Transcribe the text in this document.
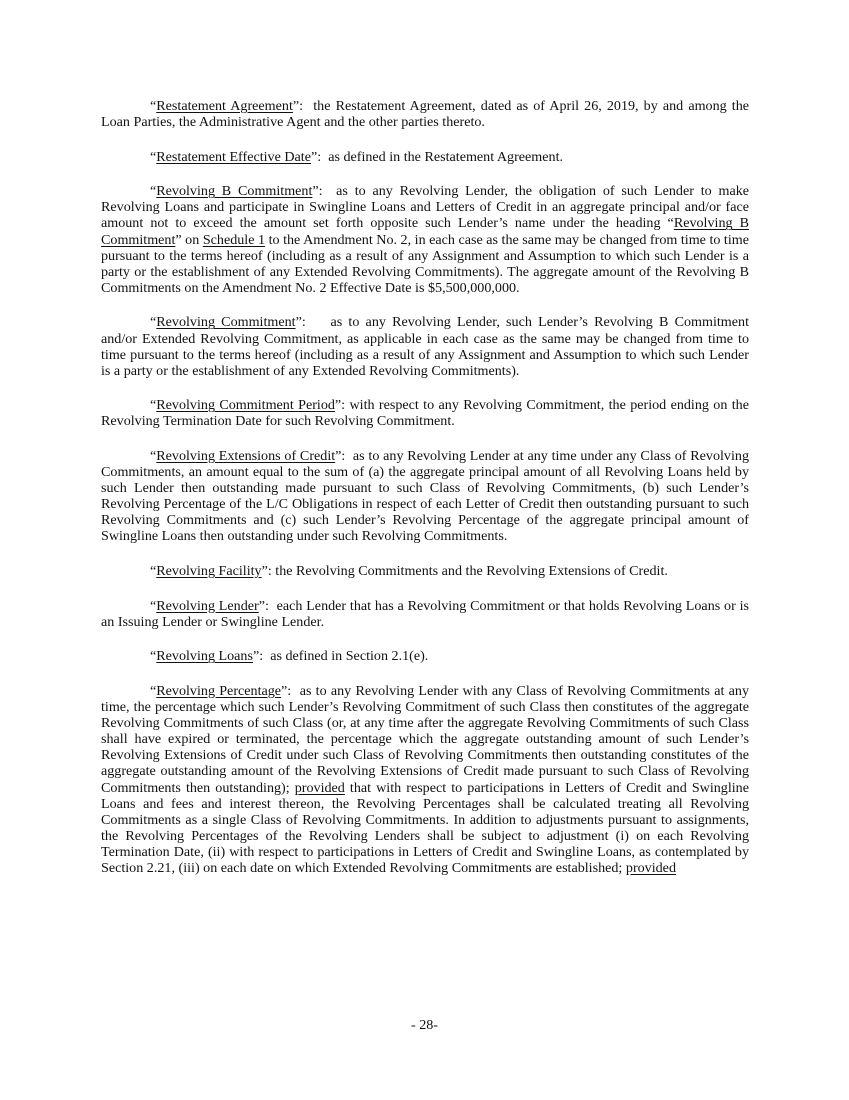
“Restatement Agreement”:  the Restatement Agreement, dated as of April 26, 2019, by and among the Loan Parties, the Administrative Agent and the other parties thereto.

“Restatement Effective Date”:  as defined in the Restatement Agreement.

“Revolving B Commitment”:  as to any Revolving Lender, the obligation of such Lender to make Revolving Loans and participate in Swingline Loans and Letters of Credit in an aggregate principal and/or face amount not to exceed the amount set forth opposite such Lender’s name under the heading “Revolving B Commitment” on Schedule 1 to the Amendment No. 2, in each case as the same may be changed from time to time pursuant to the terms hereof (including as a result of any Assignment and Assumption to which such Lender is a party or the establishment of any Extended Revolving Commitments). The aggregate amount of the Revolving B Commitments on the Amendment No. 2 Effective Date is $5,500,000,000.

“Revolving Commitment”:    as to any Revolving Lender, such Lender’s Revolving B Commitment and/or Extended Revolving Commitment, as applicable in each case as the same may be changed from time to time pursuant to the terms hereof (including as a result of any Assignment and Assumption to which such Lender is a party or the establishment of any Extended Revolving Commitments).

“Revolving Commitment Period”: with respect to any Revolving Commitment, the period ending on the Revolving Termination Date for such Revolving Commitment.

“Revolving Extensions of Credit”:  as to any Revolving Lender at any time under any Class of Revolving Commitments, an amount equal to the sum of (a) the aggregate principal amount of all Revolving Loans held by such Lender then outstanding made pursuant to such Class of Revolving Commitments, (b) such Lender’s Revolving Percentage of the L/C Obligations in respect of each Letter of Credit then outstanding pursuant to such Revolving Commitments and (c) such Lender’s Revolving Percentage of the aggregate principal amount of Swingline Loans then outstanding under such Revolving Commitments.

“Revolving Facility”: the Revolving Commitments and the Revolving Extensions of Credit.

“Revolving Lender”:  each Lender that has a Revolving Commitment or that holds Revolving Loans or is an Issuing Lender or Swingline Lender.

“Revolving Loans”:  as defined in Section 2.1(e).

“Revolving Percentage”:  as to any Revolving Lender with any Class of Revolving Commitments at any time, the percentage which such Lender’s Revolving Commitment of such Class then constitutes of the aggregate Revolving Commitments of such Class (or, at any time after the aggregate Revolving Commitments of such Class shall have expired or terminated, the percentage which the aggregate outstanding amount of such Lender’s Revolving Extensions of Credit under such Class of Revolving Commitments then outstanding constitutes of the aggregate outstanding amount of the Revolving Extensions of Credit made pursuant to such Class of Revolving Commitments then outstanding); provided that with respect to participations in Letters of Credit and Swingline Loans and fees and interest thereon, the Revolving Percentages shall be calculated treating all Revolving Commitments as a single Class of Revolving Commitments. In addition to adjustments pursuant to assignments, the Revolving Percentages of the Revolving Lenders shall be subject to adjustment (i) on each Revolving Termination Date, (ii) with respect to participations in Letters of Credit and Swingline Loans, as contemplated by Section 2.21, (iii) on each date on which Extended Revolving Commitments are established; provided

- 28-
